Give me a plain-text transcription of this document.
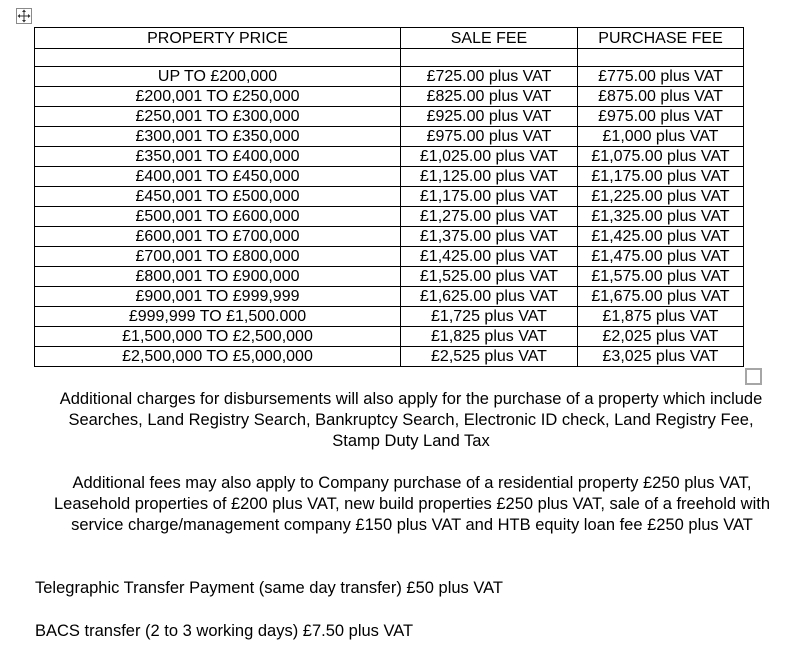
PROPERTY PRICE	SALE FEE	PURCHASE FEE

UP TO £200,000	£725.00 plus VAT	£775.00 plus VAT
£200,001 TO £250,000	£825.00 plus VAT	£875.00 plus VAT
£250,001 TO £300,000	£925.00 plus VAT	£975.00 plus VAT
£300,001 TO £350,000	£975.00 plus VAT	£1,000 plus VAT
£350,001 TO £400,000	£1,025.00 plus VAT	£1,075.00 plus VAT
£400,001 TO £450,000	£1,125.00 plus VAT	£1,175.00 plus VAT
£450,001 TO £500,000	£1,175.00 plus VAT	£1,225.00 plus VAT
£500,001 TO £600,000	£1,275.00 plus VAT	£1,325.00 plus VAT
£600,001 TO £700,000	£1,375.00 plus VAT	£1,425.00 plus VAT
£700,001 TO £800,000	£1,425.00 plus VAT	£1,475.00 plus VAT
£800,001 TO £900,000	£1,525.00 plus VAT	£1,575.00 plus VAT
£900,001 TO £999,999	£1,625.00 plus VAT	£1,675.00 plus VAT
£999,999 TO £1,500.000	£1,725 plus VAT	£1,875 plus VAT
£1,500,000 TO £2,500,000	£1,825 plus VAT	£2,025 plus VAT
£2,500,000 TO £5,000,000	£2,525 plus VAT	£3,025 plus VAT
Additional charges for disbursements will also apply for the purchase of a property which include Searches, Land Registry Search, Bankruptcy Search, Electronic ID check, Land Registry Fee, Stamp Duty Land Tax
Additional fees may also apply to Company purchase of a residential property £250 plus VAT, Leasehold properties of £200 plus VAT, new build properties £250 plus VAT, sale of a freehold with service charge/management company £150 plus VAT and HTB equity loan fee £250 plus VAT
Telegraphic Transfer Payment (same day transfer) £50 plus VAT
BACS transfer (2 to 3 working days) £7.50 plus VAT
